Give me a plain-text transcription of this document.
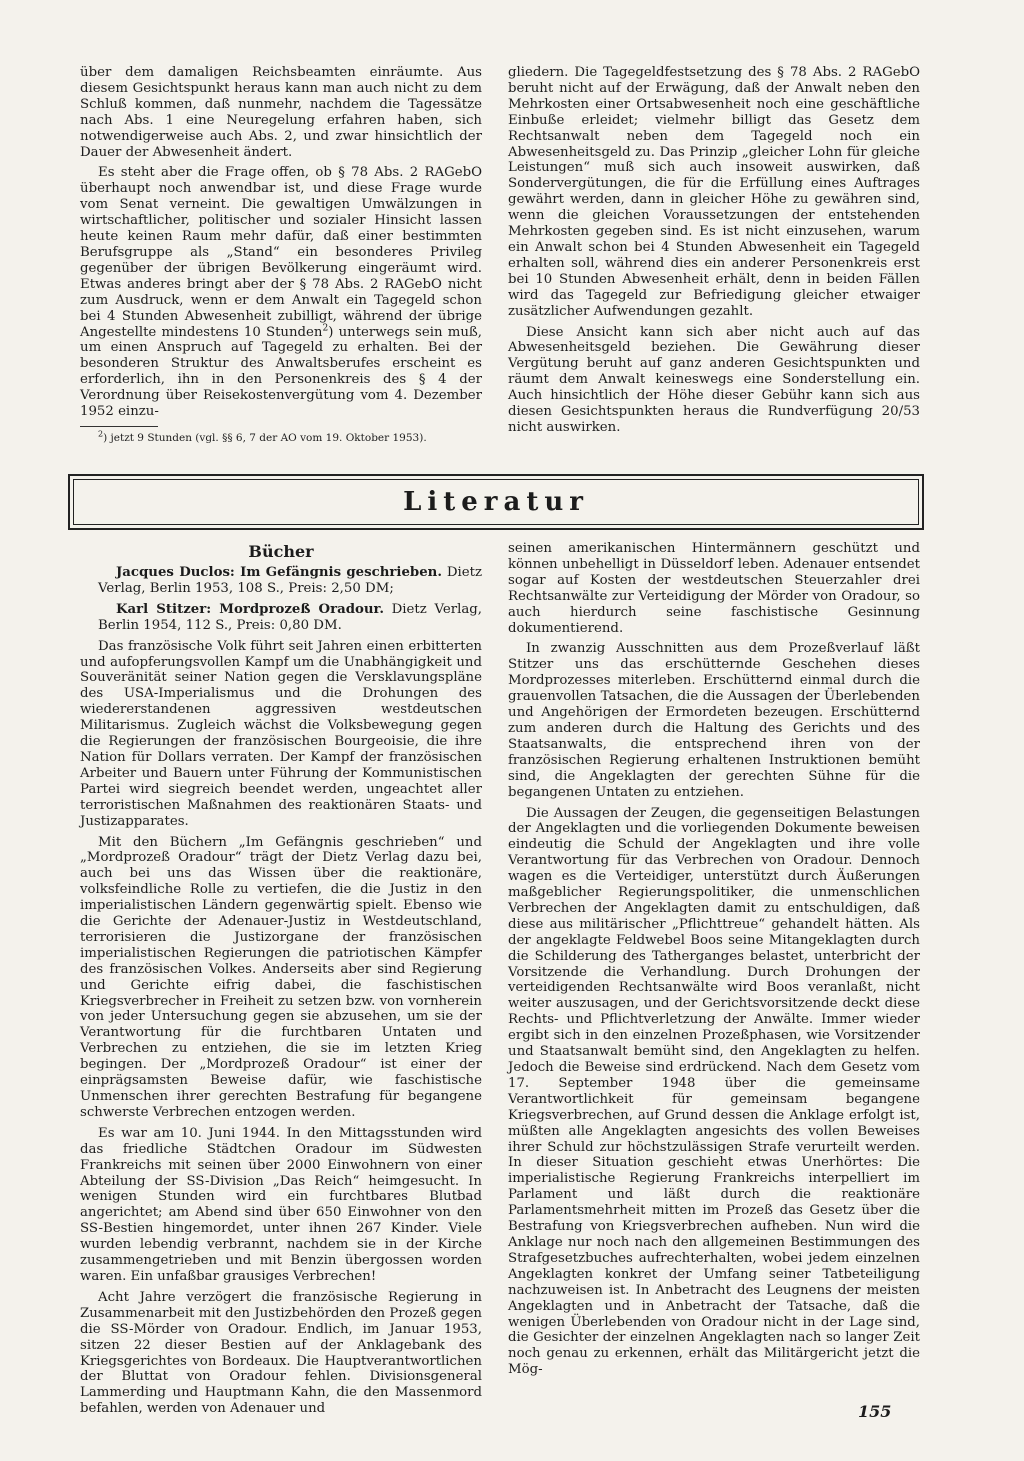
über dem damaligen Reichsbeamten einräumte. Aus diesem Gesichtspunkt heraus kann man auch nicht zu dem Schluß kommen, daß nunmehr, nachdem die Tagessätze nach Abs. 1 eine Neuregelung erfahren haben, sich notwendigerweise auch Abs. 2, und zwar hinsichtlich der Dauer der Abwesenheit ändert.

Es steht aber die Frage offen, ob § 78 Abs. 2 RAGebO überhaupt noch anwendbar ist, und diese Frage wurde vom Senat verneint. Die gewaltigen Umwälzungen in wirtschaftlicher, politischer und sozialer Hinsicht lassen heute keinen Raum mehr dafür, daß einer bestimmten Berufsgruppe als „Stand“ ein besonderes Privileg gegenüber der übrigen Bevölkerung eingeräumt wird. Etwas anderes bringt aber der § 78 Abs. 2 RAGebO nicht zum Ausdruck, wenn er dem Anwalt ein Tagegeld schon bei 4 Stunden Abwesenheit zubilligt, während der übrige Angestellte mindestens 10 Stunden$^2$) unterwegs sein muß, um einen Anspruch auf Tagegeld zu erhalten. Bei der besonderen Struktur des Anwaltsberufes erscheint es erforderlich, ihn in den Personenkreis des § 4 der Verordnung über Reisekostenvergütung vom 4. Dezember 1952 einzu-

$^2$) jetzt 9 Stunden (vgl. §§ 6, 7 der AO vom 19. Oktober 1953).

gliedern. Die Tagegeldfestsetzung des § 78 Abs. 2 RAGebO beruht nicht auf der Erwägung, daß der Anwalt neben den Mehrkosten einer Ortsabwesenheit noch eine geschäftliche Einbuße erleidet; vielmehr billigt das Gesetz dem Rechtsanwalt neben dem Tagegeld noch ein Abwesenheitsgeld zu. Das Prinzip „gleicher Lohn für gleiche Leistungen“ muß sich auch insoweit auswirken, daß Sondervergütungen, die für die Erfüllung eines Auftrages gewährt werden, dann in gleicher Höhe zu gewähren sind, wenn die gleichen Voraussetzungen der entstehenden Mehrkosten gegeben sind. Es ist nicht einzusehen, warum ein Anwalt schon bei 4 Stunden Abwesenheit ein Tagegeld erhalten soll, während dies ein anderer Personenkreis erst bei 10 Stunden Abwesenheit erhält, denn in beiden Fällen wird das Tagegeld zur Befriedigung gleicher etwaiger zusätzlicher Aufwendungen gezahlt.

Diese Ansicht kann sich aber nicht auch auf das Abwesenheitsgeld beziehen. Die Gewährung dieser Vergütung beruht auf ganz anderen Gesichtspunkten und räumt dem Anwalt keineswegs eine Sonderstellung ein. Auch hinsichtlich der Höhe dieser Gebühr kann sich aus diesen Gesichtspunkten heraus die Rundverfügung 20/53 nicht auswirken.

Literatur
Bücher

Jacques Duclos: Im Gefängnis geschrieben. Dietz Verlag, Berlin 1953, 108 S., Preis: 2,50 DM;

Karl Stitzer: Mordprozeß Oradour. Dietz Verlag, Berlin 1954, 112 S., Preis: 0,80 DM.

Das französische Volk führt seit Jahren einen erbitterten und aufopferungsvollen Kampf um die Unabhängigkeit und Souveränität seiner Nation gegen die Versklavungspläne des USA-Imperialismus und die Drohungen des wiedererstandenen aggressiven westdeutschen Militarismus. Zugleich wächst die Volksbewegung gegen die Regierungen der französischen Bourgeoisie, die ihre Nation für Dollars verraten. Der Kampf der französischen Arbeiter und Bauern unter Führung der Kommunistischen Partei wird siegreich beendet werden, ungeachtet aller terroristischen Maßnahmen des reaktionären Staats- und Justizapparates.

Mit den Büchern „Im Gefängnis geschrieben“ und „Mordprozeß Oradour“ trägt der Dietz Verlag dazu bei, auch bei uns das Wissen über die reaktionäre, volksfeindliche Rolle zu vertiefen, die die Justiz in den imperialistischen Ländern gegenwärtig spielt. Ebenso wie die Gerichte der Adenauer-Justiz in Westdeutschland, terrorisieren die Justizorgane der französischen imperialistischen Regierungen die patriotischen Kämpfer des französischen Volkes. Anderseits aber sind Regierung und Gerichte eifrig dabei, die faschistischen Kriegsverbrecher in Freiheit zu setzen bzw. von vornherein von jeder Untersuchung gegen sie abzusehen, um sie der Verantwortung für die furchtbaren Untaten und Verbrechen zu entziehen, die sie im letzten Krieg begingen. Der „Mordprozeß Oradour“ ist einer der einprägsamsten Beweise dafür, wie faschistische Unmenschen ihrer gerechten Bestrafung für begangene schwerste Verbrechen entzogen werden.

Es war am 10. Juni 1944. In den Mittagsstunden wird das friedliche Städtchen Oradour im Südwesten Frankreichs mit seinen über 2000 Einwohnern von einer Abteilung der SS-Division „Das Reich“ heimgesucht. In wenigen Stunden wird ein furchtbares Blutbad angerichtet; am Abend sind über 650 Einwohner von den SS-Bestien hingemordet, unter ihnen 267 Kinder. Viele wurden lebendig verbrannt, nachdem sie in der Kirche zusammengetrieben und mit Benzin übergossen worden waren. Ein unfaßbar grausiges Verbrechen!

Acht Jahre verzögert die französische Regierung in Zusammenarbeit mit den Justizbehörden den Prozeß gegen die SS-Mörder von Oradour. Endlich, im Januar 1953, sitzen 22 dieser Bestien auf der Anklagebank des Kriegsgerichtes von Bordeaux. Die Hauptverantwortlichen der Bluttat von Oradour fehlen. Divisionsgeneral Lammerding und Hauptmann Kahn, die den Massenmord befahlen, werden von Adenauer und

seinen amerikanischen Hintermännern geschützt und können unbehelligt in Düsseldorf leben. Adenauer entsendet sogar auf Kosten der westdeutschen Steuerzahler drei Rechtsanwälte zur Verteidigung der Mörder von Oradour, so auch hierdurch seine faschistische Gesinnung dokumentierend.

In zwanzig Ausschnitten aus dem Prozeßverlauf läßt Stitzer uns das erschütternde Geschehen dieses Mordprozesses miterleben. Erschütternd einmal durch die grauenvollen Tatsachen, die die Aussagen der Überlebenden und Angehörigen der Ermordeten bezeugen. Erschütternd zum anderen durch die Haltung des Gerichts und des Staatsanwalts, die entsprechend ihren von der französischen Regierung erhaltenen Instruktionen bemüht sind, die Angeklagten der gerechten Sühne für die begangenen Untaten zu entziehen.

Die Aussagen der Zeugen, die gegenseitigen Belastungen der Angeklagten und die vorliegenden Dokumente beweisen eindeutig die Schuld der Angeklagten und ihre volle Verantwortung für das Verbrechen von Oradour. Dennoch wagen es die Verteidiger, unterstützt durch Äußerungen maßgeblicher Regierungspolitiker, die unmenschlichen Verbrechen der Angeklagten damit zu entschuldigen, daß diese aus militärischer „Pflichttreue“ gehandelt hätten. Als der angeklagte Feldwebel Boos seine Mitangeklagten durch die Schilderung des Tatherganges belastet, unterbricht der Vorsitzende die Verhandlung. Durch Drohungen der verteidigenden Rechtsanwälte wird Boos veranlaßt, nicht weiter auszusagen, und der Gerichtsvorsitzende deckt diese Rechts- und Pflichtverletzung der Anwälte. Immer wieder ergibt sich in den einzelnen Prozeßphasen, wie Vorsitzender und Staatsanwalt bemüht sind, den Angeklagten zu helfen. Jedoch die Beweise sind erdrückend. Nach dem Gesetz vom 17. September 1948 über die gemeinsame Verantwortlichkeit für gemeinsam begangene Kriegsverbrechen, auf Grund dessen die Anklage erfolgt ist, müßten alle Angeklagten angesichts des vollen Beweises ihrer Schuld zur höchstzulässigen Strafe verurteilt werden. In dieser Situation geschieht etwas Unerhörtes: Die imperialistische Regierung Frankreichs interpelliert im Parlament und läßt durch die reaktionäre Parlamentsmehrheit mitten im Prozeß das Gesetz über die Bestrafung von Kriegsverbrechen aufheben. Nun wird die Anklage nur noch nach den allgemeinen Bestimmungen des Strafgesetzbuches aufrechterhalten, wobei jedem einzelnen Angeklagten konkret der Umfang seiner Tatbeteiligung nachzuweisen ist. In Anbetracht des Leugnens der meisten Angeklagten und in Anbetracht der Tatsache, daß die wenigen Überlebenden von Oradour nicht in der Lage sind, die Gesichter der einzelnen Angeklagten nach so langer Zeit noch genau zu erkennen, erhält das Militärgericht jetzt die Mög-

155
